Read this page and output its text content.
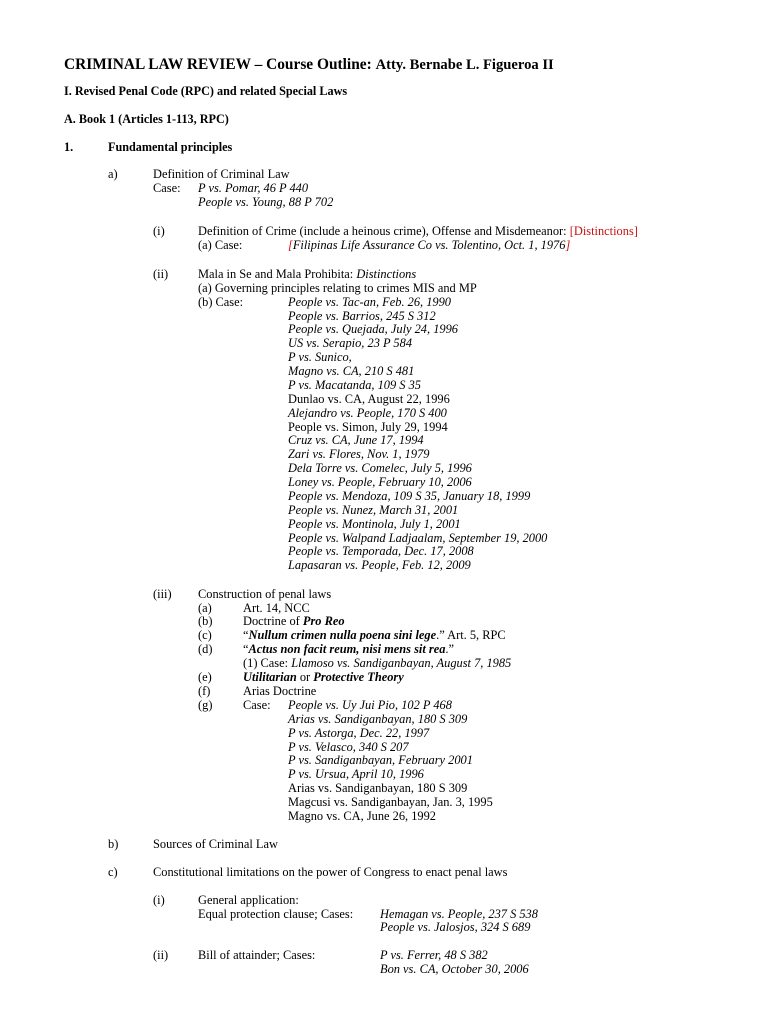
CRIMINAL LAW REVIEW – Course Outline: Atty. Bernabe L. Figueroa II
I. Revised Penal Code (RPC) and related Special Laws
A. Book 1 (Articles 1-113, RPC)
1.	Fundamental principles
a)	Definition of Criminal Law
Case: P vs. Pomar, 46 P 440
People vs. Young, 88 P 702
(i)	Definition of Crime (include a heinous crime), Offense and Misdemeanor: [Distinctions]
(a) Case:	[Filipinas Life Assurance Co vs. Tolentino, Oct. 1, 1976]
(ii) Mala in Se and Mala Prohibita: Distinctions
(a) Governing principles relating to crimes MIS and MP
(b) Case:	People vs. Tac-an, Feb. 26, 1990
People vs. Barrios, 245 S 312
People vs. Quejada, July 24, 1996
US vs. Serapio, 23 P 584
P vs. Sunico,
Magno vs. CA, 210 S 481
P vs. Macatanda, 109 S 35
Dunlao vs. CA, August 22, 1996
Alejandro vs. People, 170 S 400
People vs. Simon, July 29, 1994
Cruz vs. CA, June 17, 1994
Zari vs. Flores, Nov. 1, 1979
Dela Torre vs. Comelec, July 5, 1996
Loney vs. People, February 10, 2006
People vs. Mendoza, 109 S 35, January 18, 1999
People vs. Nunez, March 31, 2001
People vs. Montinola, July 1, 2001
People vs. Walpand Ladjaalam, September 19, 2000
People vs. Temporada, Dec. 17, 2008
Lapasaran vs. People, Feb. 12, 2009
(iii) Construction of penal laws
(a)	Art. 14, NCC
(b) Doctrine of Pro Reo
(c)	“Nullum crimen nulla poena sini lege.” Art. 5, RPC
(d) “Actus non facit reum, nisi mens sit rea.”
(1) Case: Llamoso vs. Sandiganbayan, August 7, 1985
(e)	Utilitarian or Protective Theory
(f)	Arias Doctrine
(g) Case: People vs. Uy Jui Pio, 102 P 468
Arias vs. Sandiganbayan, 180 S 309
P vs. Astorga, Dec. 22, 1997
P vs. Velasco, 340 S 207
P vs. Sandiganbayan, February 2001
P vs. Ursua, April 10, 1996
Arias vs. Sandiganbayan, 180 S 309
Magcusi vs. Sandiganbayan, Jan. 3, 1995
Magno vs. CA, June 26, 1992
b)	Sources of Criminal Law
c)	Constitutional limitations on the power of Congress to enact penal laws
(i)	General application:
Equal protection clause; Cases: Hemagan vs. People, 237 S 538
People vs. Jalosjos, 324 S 689
(ii) Bill of attainder; Cases:	P vs. Ferrer, 48 S 382
Bon vs. CA, October 30, 2006
